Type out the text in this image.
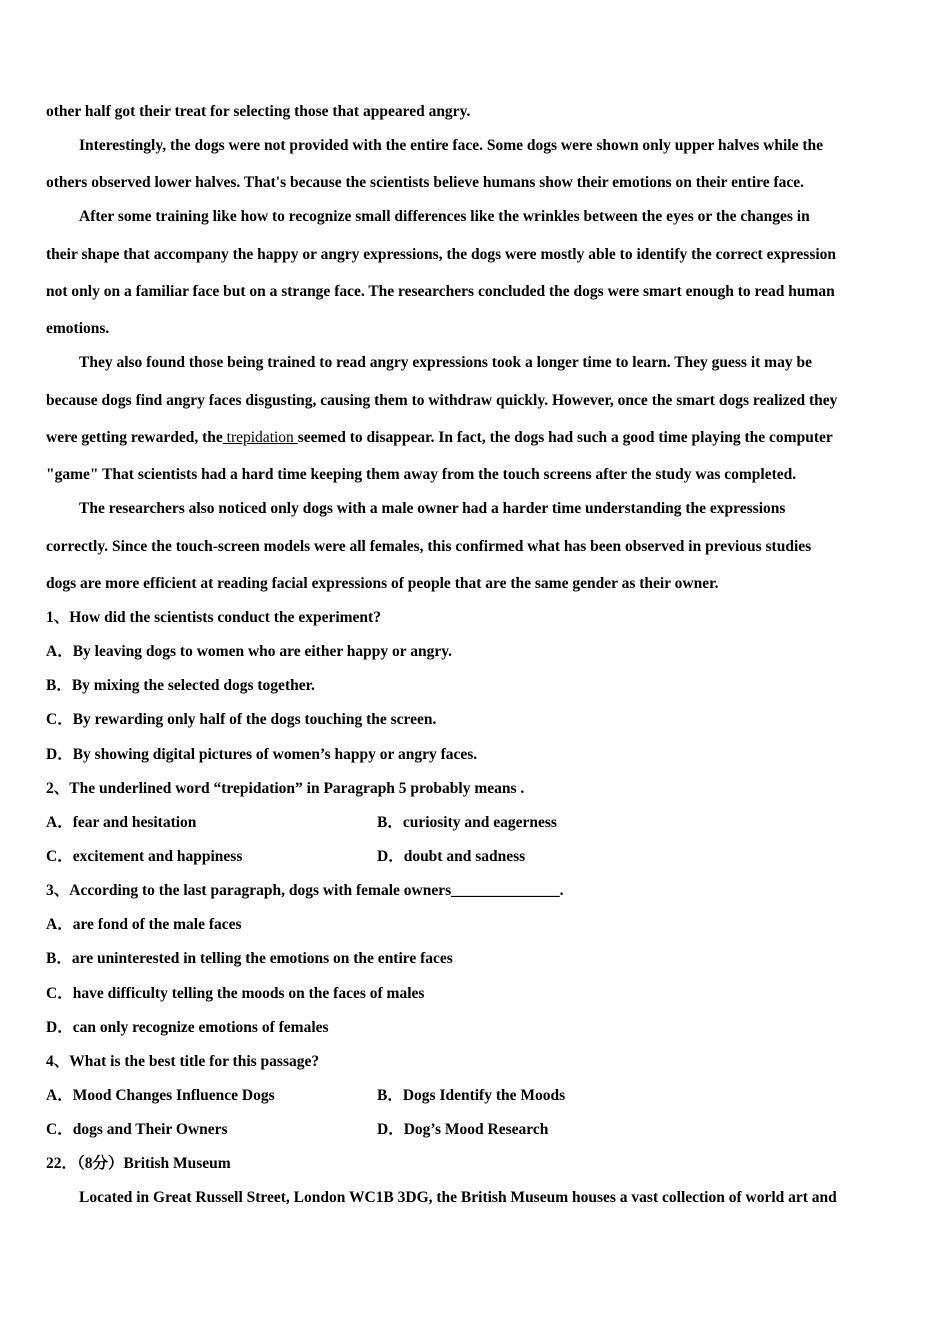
other half got their treat for selecting those that appeared angry.
Interestingly, the dogs were not provided with the entire face. Some dogs were shown only upper halves while the
others observed lower halves. That's because the scientists believe humans show their emotions on their entire face.
After some training like how to recognize small differences like the wrinkles between the eyes or the changes in
their shape that accompany the happy or angry expressions, the dogs were mostly able to identify the correct expression
not only on a familiar face but on a strange face. The researchers concluded the dogs were smart enough to read human
emotions.
They also found those being trained to read angry expressions took a longer time to learn. They guess it may be
because dogs find angry faces disgusting, causing them to withdraw quickly. However, once the smart dogs realized they
were getting rewarded, the trepidation seemed to disappear. In fact, the dogs had such a good time playing the computer
"game" That scientists had a hard time keeping them away from the touch screens after the study was completed.
The researchers also noticed only dogs with a male owner had a harder time understanding the expressions
correctly. Since the touch-screen models were all females, this confirmed what has been observed in previous studies
dogs are more efficient at reading facial expressions of people that are the same gender as their owner.
1、How did the scientists conduct the experiment?
A．By leaving dogs to women who are either happy or angry.
B．By mixing the selected dogs together.
C．By rewarding only half of the dogs touching the screen.
D．By showing digital pictures of women’s happy or angry faces.
2、The underlined word “trepidation” in Paragraph 5 probably means .
A．fear and hesitation	B．curiosity and eagerness
C．excitement and happiness	D．doubt and sadness
3、According to the last paragraph, dogs with female owners______________.
A．are fond of the male faces
B．are uninterested in telling the emotions on the entire faces
C．have difficulty telling the moods on the faces of males
D．can only recognize emotions of females
4、What is the best title for this passage?
A．Mood Changes Influence Dogs	B．Dogs Identify the Moods
C．dogs and Their Owners	D．Dog’s Mood Research
22．（8分）British Museum
Located in Great Russell Street, London WC1B 3DG, the British Museum houses a vast collection of world art and
